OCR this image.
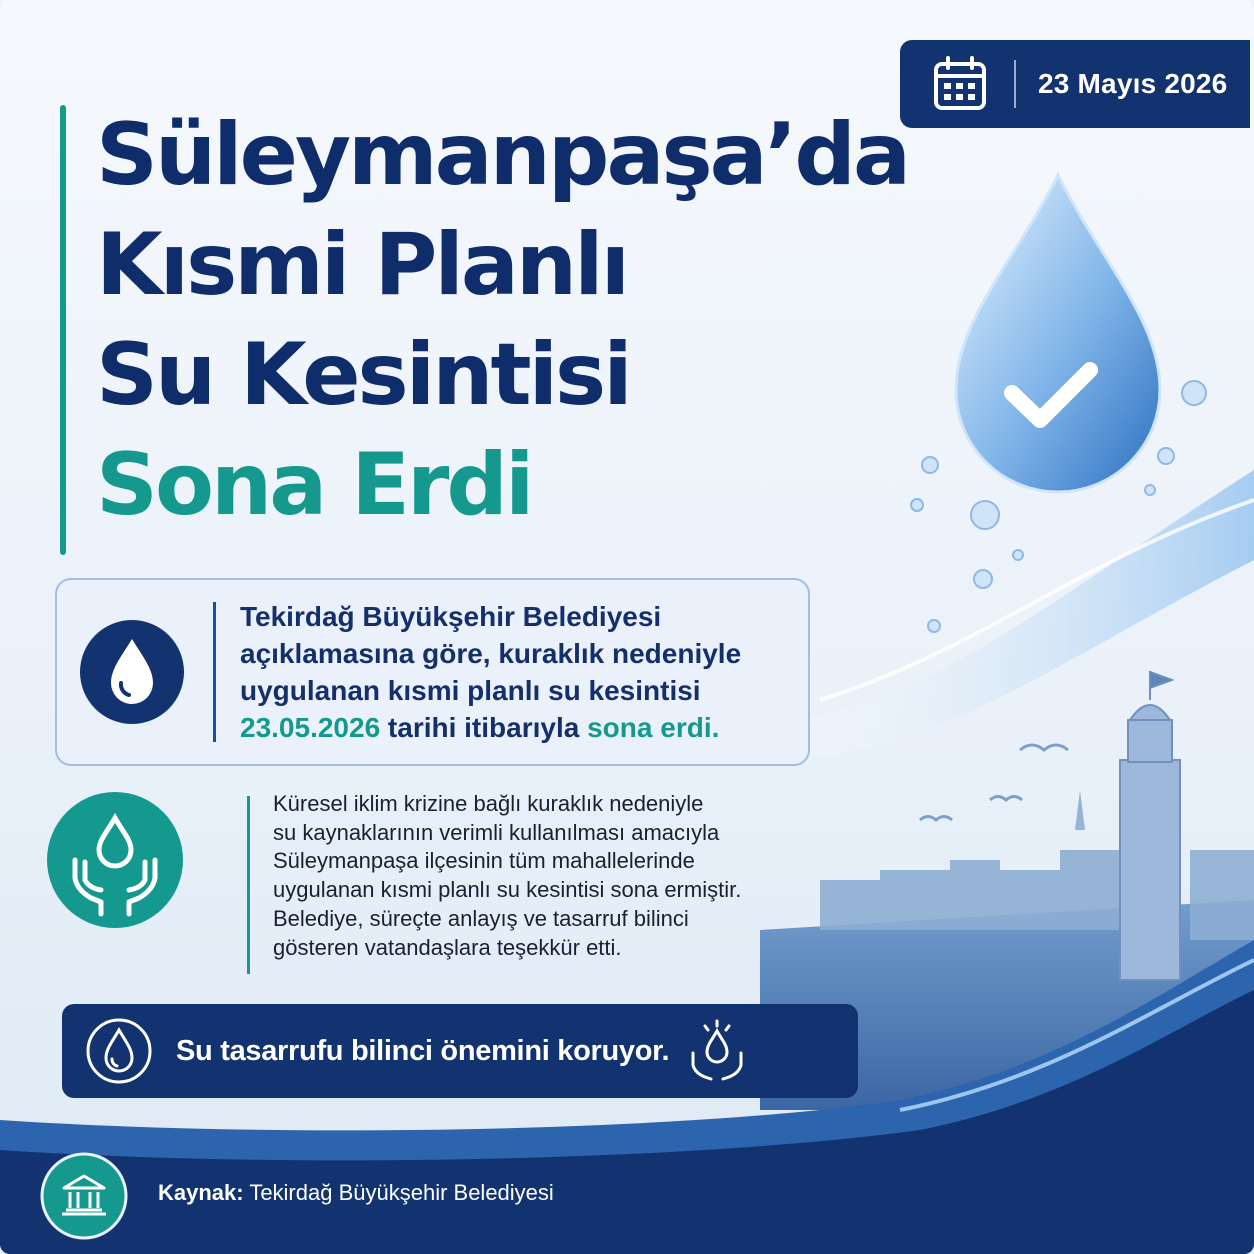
23 Mayıs 2026
Süleymanpaşa’da
Kısmi Planlı
Su Kesintisi
Sona Erdi
Tekirdağ Büyükşehir Belediyesi
açıklamasına göre, kuraklık nedeniyle
uygulanan kısmi planlı su kesintisi
23.05.2026 tarihi itibarıyla sona erdi.
Küresel iklim krizine bağlı kuraklık nedeniyle
su kaynaklarının verimli kullanılması amacıyla
Süleymanpaşa ilçesinin tüm mahallelerinde
uygulanan kısmi planlı su kesintisi sona ermiştir.
Belediye, süreçte anlayış ve tasarruf bilinci
gösteren vatandaşlara teşekkür etti.
Su tasarrufu bilinci önemini koruyor.
Kaynak: Tekirdağ Büyükşehir Belediyesi
